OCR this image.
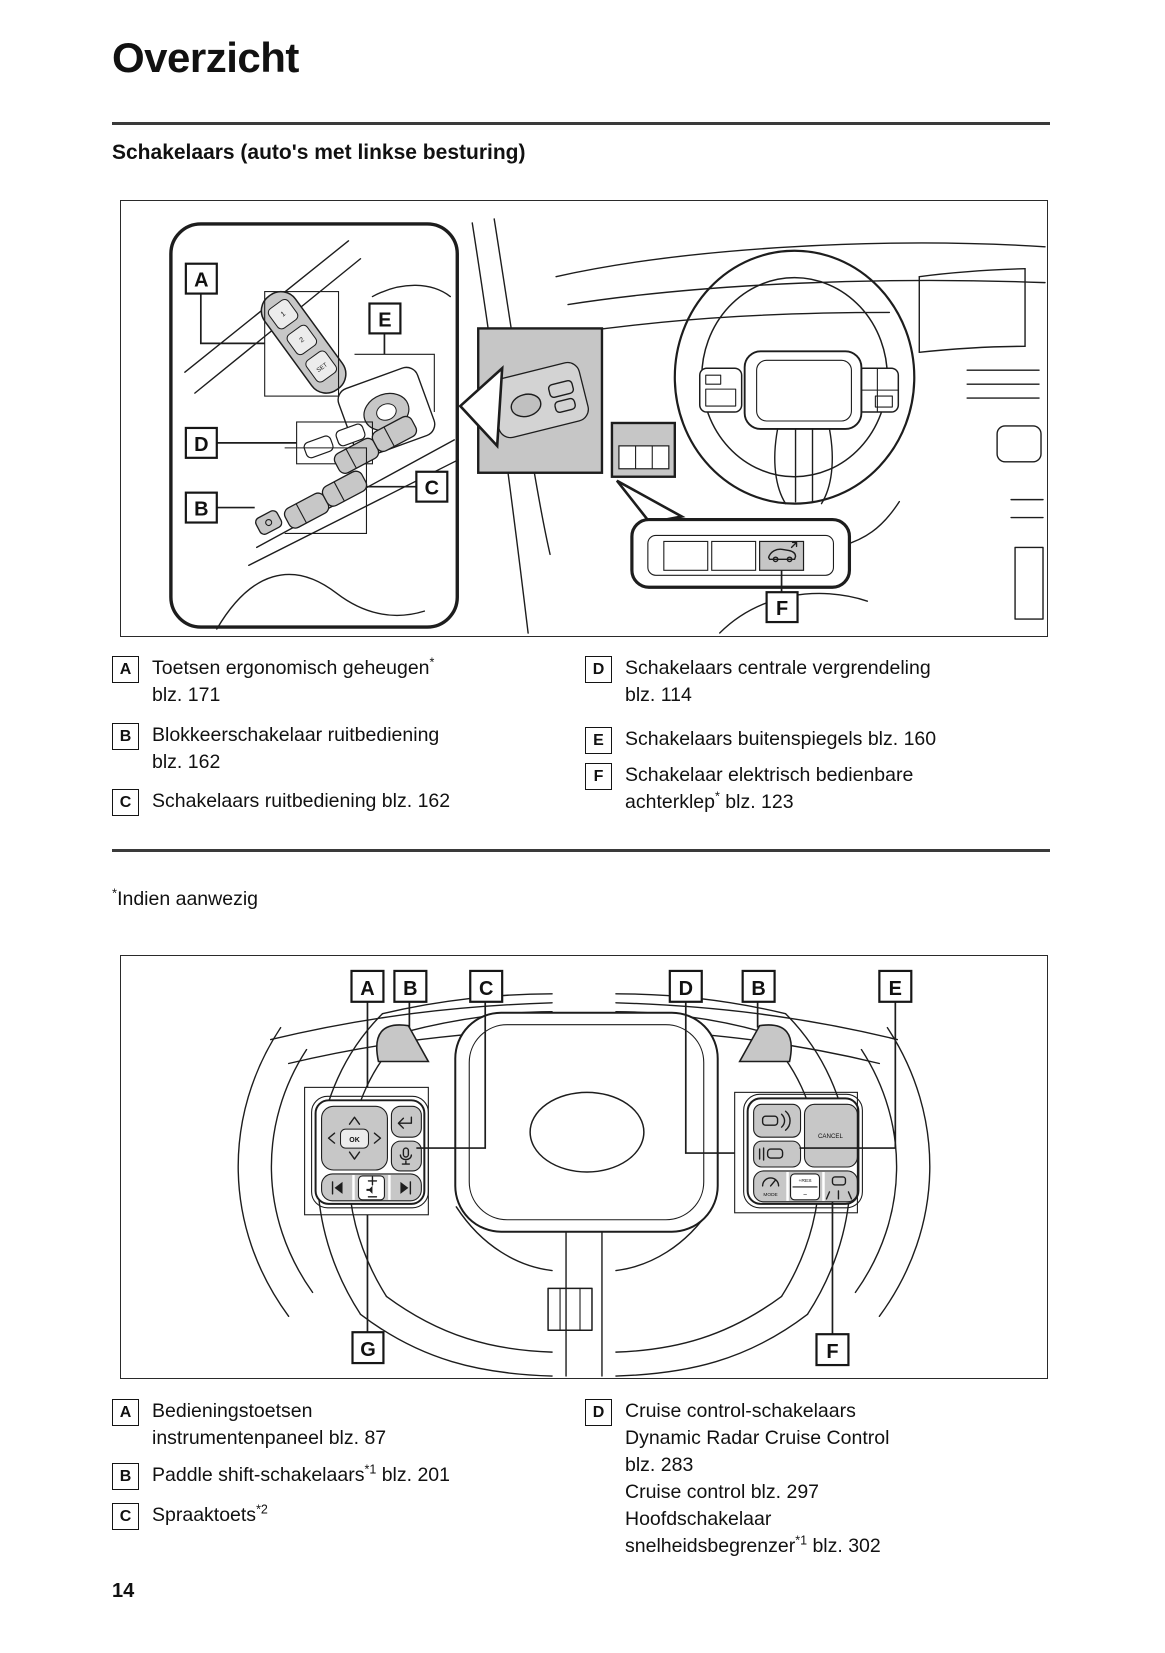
Overzicht
Schakelaars (auto's met linkse besturing)
1
2
SET
A
E
D
B
C
F
A	Toetsen ergonomisch geheugen*
blz. 171
B	Blokkeerschakelaar ruitbediening
blz. 162
C	Schakelaars ruitbediening blz. 162
D	Schakelaars centrale vergrendeling
blz. 114
E	Schakelaars buitenspiegels blz. 160
F	Schakelaar elektrisch bedienbare
achterklep* blz. 123
*Indien aanwezig
OK
CANCEL
MODE
+RES
−
A B	C	D	B	E
G	F
A	Bedieningstoetsen
instrumentenpaneel blz. 87
B	Paddle shift-schakelaars$^{*1}$ blz. 201
C	Spraaktoets$^{*2}$
D	Cruise control-schakelaars
Dynamic Radar Cruise Control
blz. 283
Cruise control blz. 297
Hoofdschakelaar
snelheidsbegrenzer$^{*1}$ blz. 302
14
